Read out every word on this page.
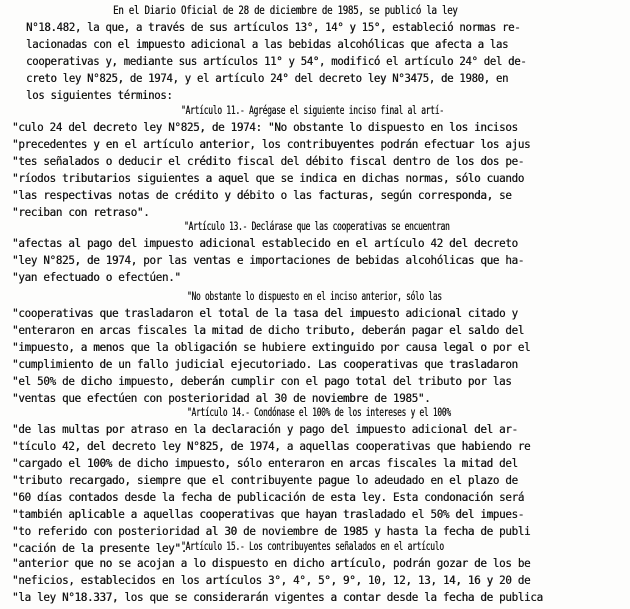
En el Diario Oficial de 28 de diciembre de 1985, se publicó la ley
N°18.482, la que, a través de sus artículos 13°, 14° y 15°, estableció normas re-
lacionadas con el impuesto adicional a las bebidas alcohólicas que afecta a las
cooperativas y, mediante sus artículos 11° y 54°, modificó el artículo 24° del de-
creto ley N°825, de 1974, y el artículo 24° del decreto ley N°3475, de 1980, en
los siguientes términos:
"Artículo 11.- Agrégase el siguiente inciso final al artí-
"culo 24 del decreto ley N°825, de 1974: "No obstante lo dispuesto en los incisos
"precedentes y en el artículo anterior, los contribuyentes podrán efectuar los ajus
"tes señalados o deducir el crédito fiscal del débito fiscal dentro de los dos pe-
"ríodos tributarios siguientes a aquel que se indica en dichas normas, sólo cuando
"las respectivas notas de crédito y débito o las facturas, según corresponda, se
"reciban con retraso".
"Artículo 13.- Declárase que las cooperativas se encuentran
"afectas al pago del impuesto adicional establecido en el artículo 42 del decreto
"ley N°825, de 1974, por las ventas e importaciones de bebidas alcohólicas que ha-
"yan efectuado o efectúen."
"No obstante lo dispuesto en el inciso anterior, sólo las
"cooperativas que trasladaron el total de la tasa del impuesto adicional citado y
"enteraron en arcas fiscales la mitad de dicho tributo, deberán pagar el saldo del
"impuesto, a menos que la obligación se hubiere extinguido por causa legal o por el
"cumplimiento de un fallo judicial ejecutoriado. Las cooperativas que trasladaron
"el 50% de dicho impuesto, deberán cumplir con el pago total del tributo por las
"ventas que efectúen con posterioridad al 30 de noviembre de 1985".
"Artículo 14.- Condónase el 100% de los intereses y el 100%
"de las multas por atraso en la declaración y pago del impuesto adicional del ar-
"tículo 42, del decreto ley N°825, de 1974, a aquellas cooperativas que habiendo re
"cargado el 100% de dicho impuesto, sólo enteraron en arcas fiscales la mitad del
"tributo recargado, siempre que el contribuyente pague lo adeudado en el plazo de
"60 días contados desde la fecha de publicación de esta ley. Esta condonación será
"también aplicable a aquellas cooperativas que hayan trasladado el 50% del impues-
"to referido con posterioridad al 30 de noviembre de 1985 y hasta la fecha de publi
"cación de la presente ley".
"Artículo 15.- Los contribuyentes señalados en el artículo
"anterior que no se acojan a lo dispuesto en dicho artículo, podrán gozar de los be
"neficios, establecidos en los artículos 3°, 4°, 5°, 9°, 10, 12, 13, 14, 16 y 20 de
"la ley N°18.337, los que se considerarán vigentes a contar desde la fecha de publica
